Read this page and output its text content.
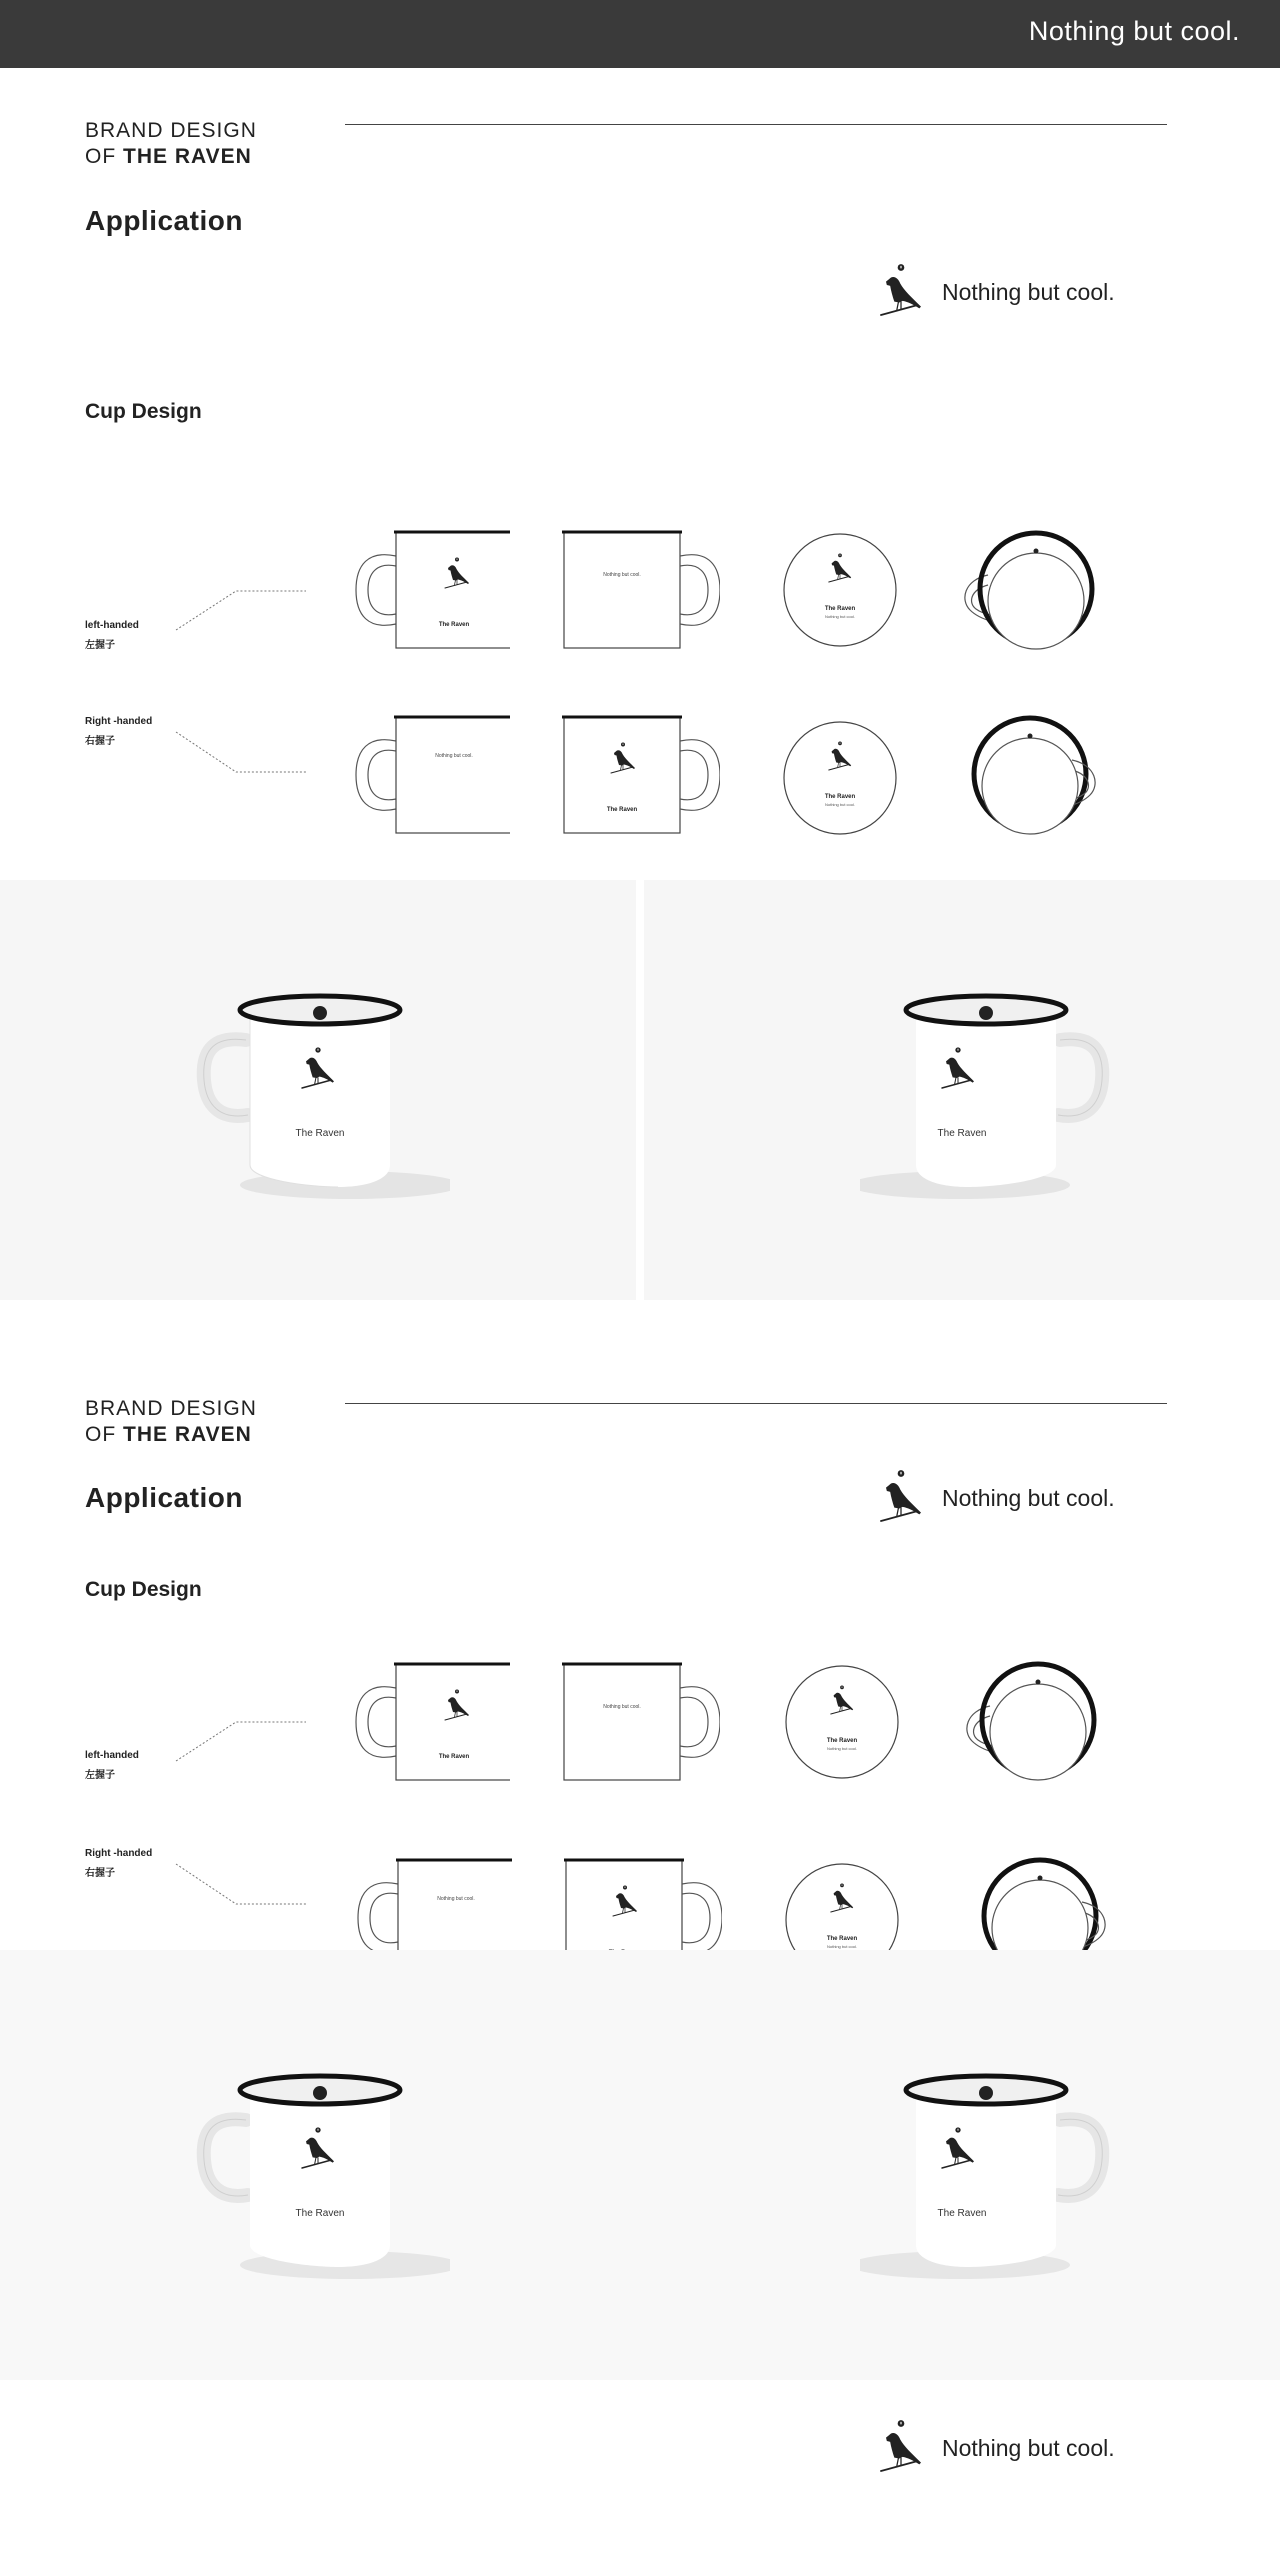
Nothing but cool.
BRAND DESIGN
OF THE RAVEN
Application
Nothing but cool.
Cup Design
left-handed
左握子
Right -handed
右握子
The Raven
Nothing but cool.
The Raven
Nothing but cool.
Nothing but cool.
The Raven
The Raven
Nothing but cool.
The Raven	The Raven
BRAND DESIGN
OF THE RAVEN
Application	Nothing but cool.
Cup Design
left-handed
左握子
Right -handed
右握子
The Raven
Nothing but cool.
The Raven
Nothing but cool.
Nothing but cool.
The Raven
Nothing but cool.
The Raven	The Raven
Nothing but cool.
